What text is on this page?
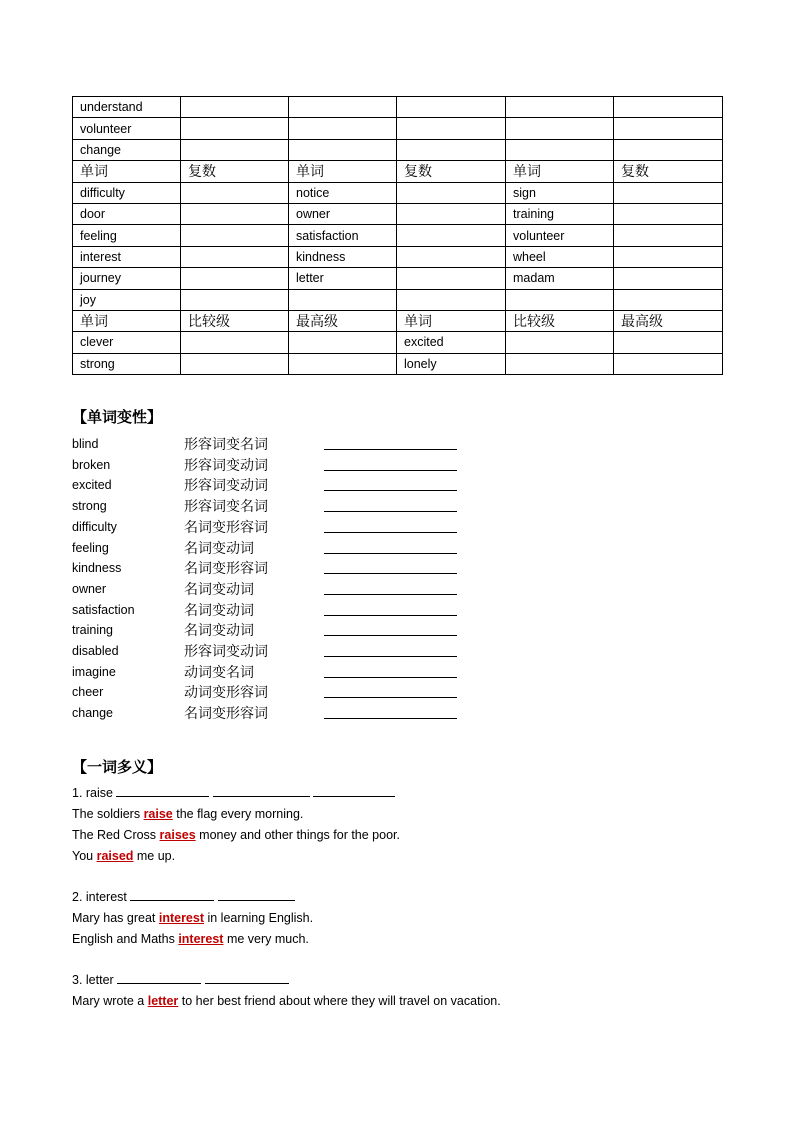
understand					
volunteer					
change					
单词	复数	单词	复数	单词	复数
difficulty		notice		sign	
door		owner		training	
feeling		satisfaction		volunteer	
interest		kindness		wheel	
journey		letter		madam	
joy					
单词	比较级	最高级	单词	比较级	最高级
clever			excited		
strong			lonely		
【单词变性】
blind	形容词变名词
broken	形容词变动词
excited	形容词变动词
strong	形容词变名词
difficulty	名词变形容词
feeling	名词变动词
kindness	名词变形容词
owner	名词变动词
satisfaction	名词变动词
training	名词变动词
disabled	形容词变动词
imagine	动词变名词
cheer	动词变形容词
change	名词变形容词
【一词多义】
1. raise
The soldiers raise the flag every morning.
The Red Cross raises money and other things for the poor.
You raised me up.
2. interest
Mary has great interest in learning English.
English and Maths interest me very much.
3. letter
Mary wrote a letter to her best friend about where they will travel on vacation.
